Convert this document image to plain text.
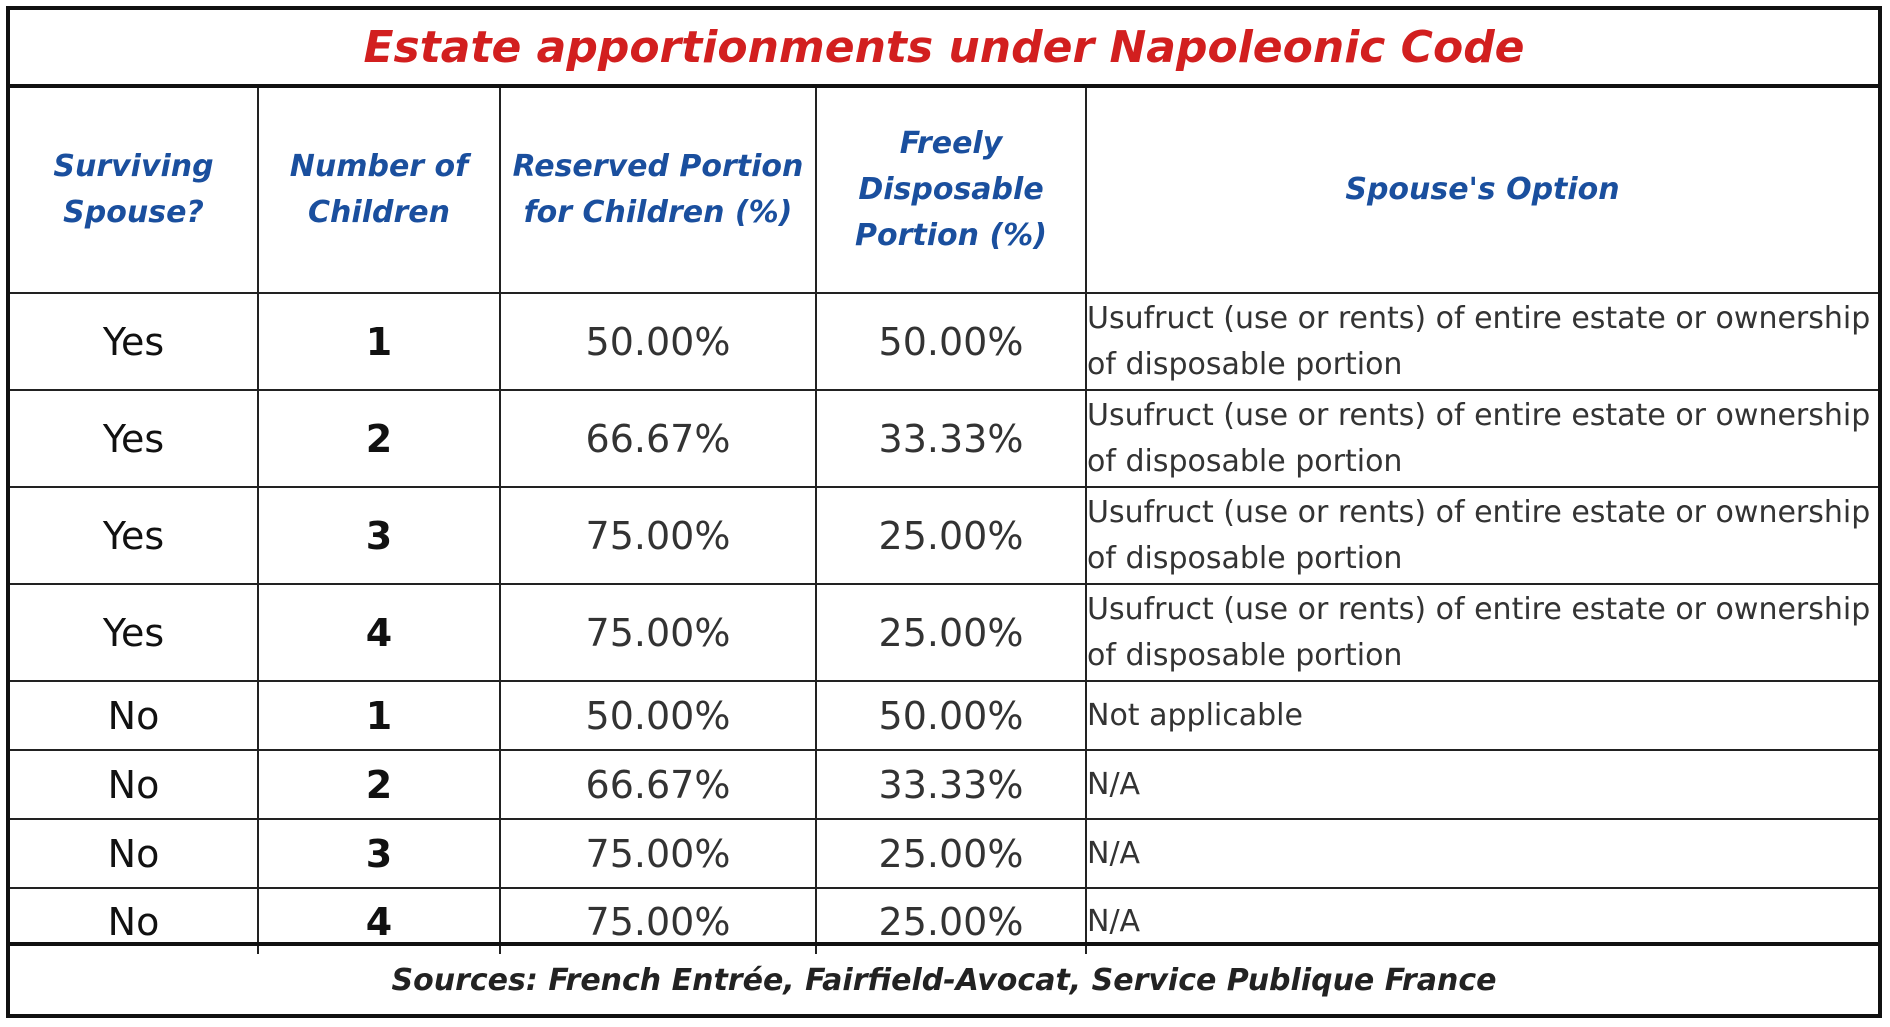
Estate apportionments under Napoleonic Code
Surviving Spouse?	Number of Children	Reserved Portion for Children (%)	Freely Disposable Portion (%)	Spouse's Option
Yes	1	50.00%	50.00%	Usufruct (use or rents) of entire estate or ownership of disposable portion
Yes	2	66.67%	33.33%	Usufruct (use or rents) of entire estate or ownership of disposable portion
Yes	3	75.00%	25.00%	Usufruct (use or rents) of entire estate or ownership of disposable portion
Yes	4	75.00%	25.00%	Usufruct (use or rents) of entire estate or ownership of disposable portion
No	1	50.00%	50.00%	Not applicable
No	2	66.67%	33.33%	N/A
No	3	75.00%	25.00%	N/A
No	4	75.00%	25.00%	N/A
Sources: French Entrée, Fairfield-Avocat, Service Publique France
